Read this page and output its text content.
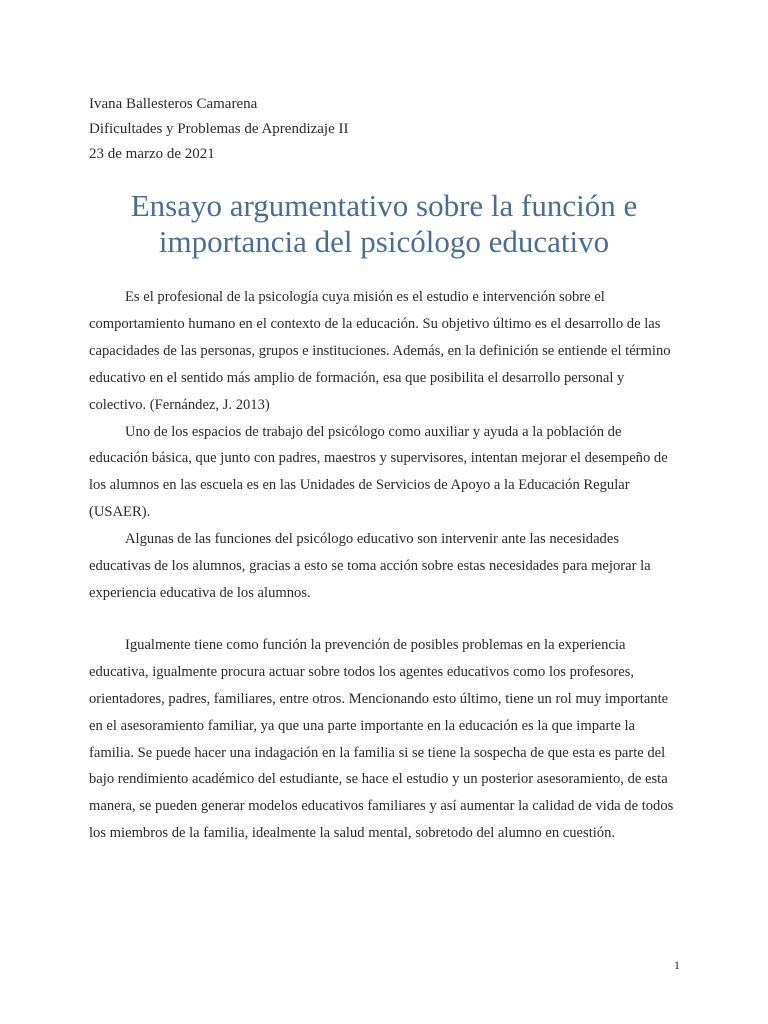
Ivana Ballesteros Camarena
Dificultades y Problemas de Aprendizaje II
23 de marzo de 2021
Ensayo argumentativo sobre la función e
importancia del psicólogo educativo

Es el profesional de la psicología cuya misión es el estudio e intervención sobre el comportamiento humano en el contexto de la educación. Su objetivo último es el desarrollo de las capacidades de las personas, grupos e instituciones. Además, en la definición se entiende el término educativo en el sentido más amplio de formación, esa que posibilita el desarrollo personal y colectivo. (Fernández, J. 2013)

Uno de los espacios de trabajo del psicólogo como auxiliar y ayuda a la población de educación básica, que junto con padres, maestros y supervisores, intentan mejorar el desempeño de los alumnos en las escuela es en las Unidades de Servicios de Apoyo a la Educación Regular (USAER).

Algunas de las funciones del psicólogo educativo son intervenir ante las necesidades educativas de los alumnos, gracias a esto se toma acción sobre estas necesidades para mejorar la experiencia educativa de los alumnos.

Igualmente tiene como función la prevención de posibles problemas en la experiencia educativa, igualmente procura actuar sobre todos los agentes educativos como los profesores, orientadores, padres, familiares, entre otros. Mencionando esto último, tiene un rol muy importante en el asesoramiento familiar, ya que una parte importante en la educación es la que imparte la familia. Se puede hacer una indagación en la familia si se tiene la sospecha de que esta es parte del bajo rendimiento académico del estudiante, se hace el estudio y un posterior asesoramiento, de esta manera, se pueden generar modelos educativos familiares y así aumentar la calidad de vida de todos los miembros de la familia, idealmente la salud mental, sobretodo del alumno en cuestión.

1
